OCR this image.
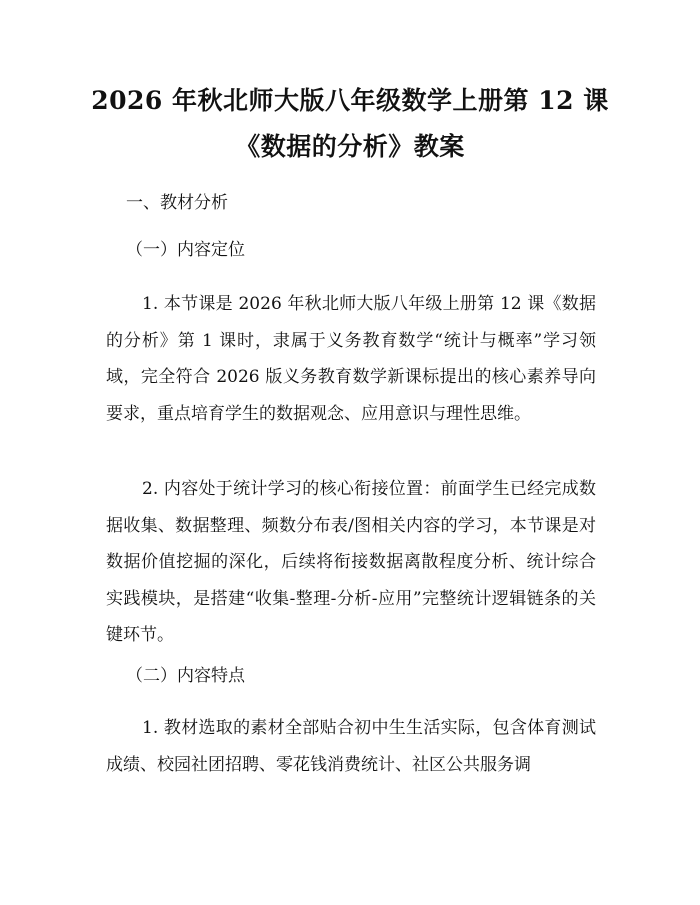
2026 年秋北师大版八年级数学上册第 12 课
《数据的分析》教案
一、教材分析
（一）内容定位
1. 本节课是 2026 年秋北师大版八年级上册第 12 课《数据的分析》第 1 课时，隶属于义务教育数学“统计与概率”学习领域，完全符合 2026 版义务教育数学新课标提出的核心素养导向要求，重点培育学生的数据观念、应用意识与理性思维。
2. 内容处于统计学习的核心衔接位置：前面学生已经完成数据收集、数据整理、频数分布表/图相关内容的学习，本节课是对数据价值挖掘的深化，后续将衔接数据离散程度分析、统计综合实践模块，是搭建“收集-整理-分析-应用”完整统计逻辑链条的关键环节。
（二）内容特点
1. 教材选取的素材全部贴合初中生生活实际，包含体育测试成绩、校园社团招聘、零花钱消费统计、社区公共服务调
